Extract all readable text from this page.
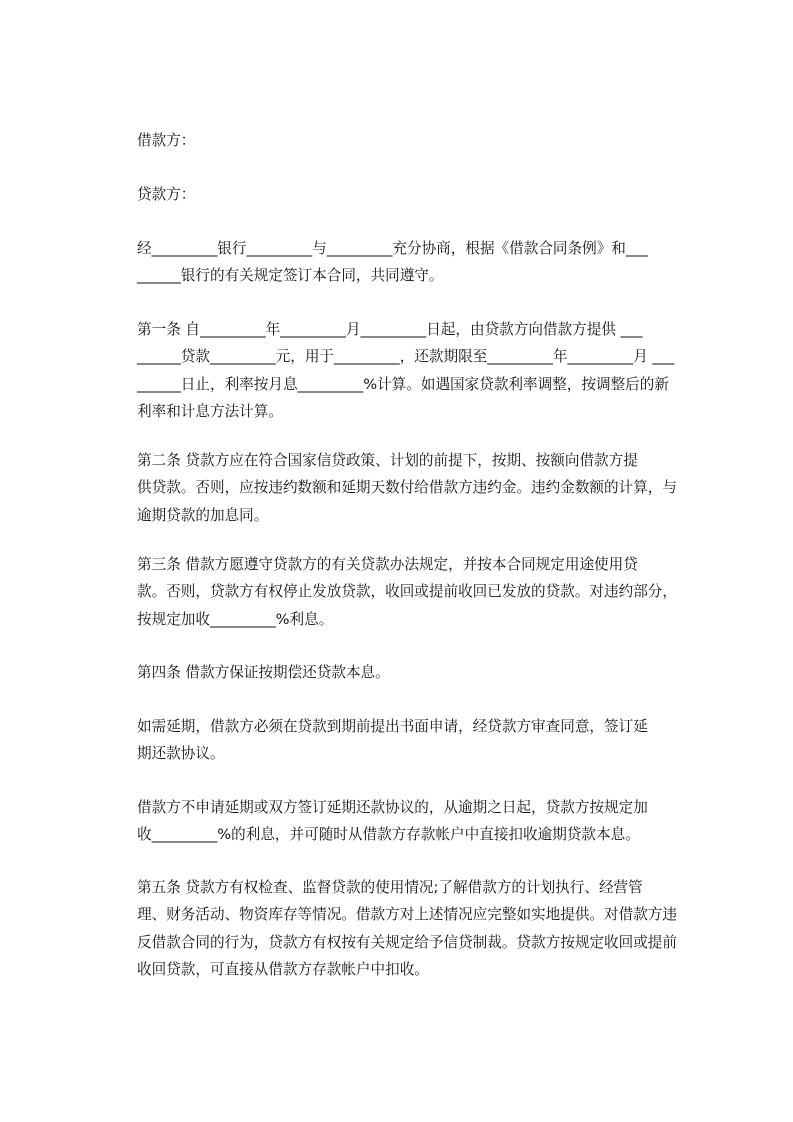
借款方：
贷款方：
经_________银行_________与_________充分协商，根据《借款合同条例》和___
______银行的有关规定签订本合同，共同遵守。
第一条 自_________年_________月_________日起，由贷款方向借款方提供 ___
______贷款_________元，用于_________，还款期限至_________年_________月 ___
______日止，利率按月息_________%计算。如遇国家贷款利率调整，按调整后的新
利率和计息方法计算。
第二条 贷款方应在符合国家信贷政策、计划的前提下，按期、按额向借款方提
供贷款。否则，应按违约数额和延期天数付给借款方违约金。违约金数额的计算，与
逾期贷款的加息同。
第三条 借款方愿遵守贷款方的有关贷款办法规定，并按本合同规定用途使用贷
款。否则，贷款方有权停止发放贷款，收回或提前收回已发放的贷款。对违约部分，
按规定加收_________%利息。
第四条 借款方保证按期偿还贷款本息。
如需延期，借款方必须在贷款到期前提出书面申请，经贷款方审查同意，签订延
期还款协议。
借款方不申请延期或双方签订延期还款协议的，从逾期之日起，贷款方按规定加
收_________%的利息，并可随时从借款方存款帐户中直接扣收逾期贷款本息。
第五条 贷款方有权检查、监督贷款的使用情况;了解借款方的计划执行、经营管
理、财务活动、物资库存等情况。借款方对上述情况应完整如实地提供。对借款方违
反借款合同的行为，贷款方有权按有关规定给予信贷制裁。贷款方按规定收回或提前
收回贷款，可直接从借款方存款帐户中扣收。
